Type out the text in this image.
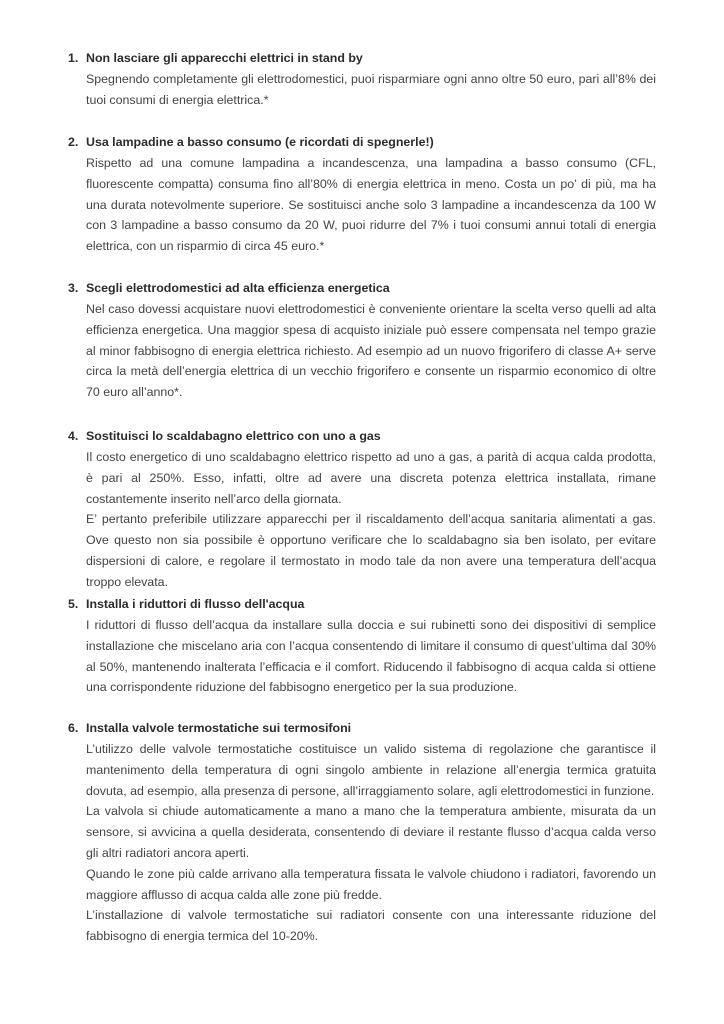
1. Non lasciare gli apparecchi elettrici in stand by

Spegnendo completamente gli elettrodomestici, puoi risparmiare ogni anno oltre 50 euro, pari all’8% dei tuoi consumi di energia elettrica.*

2. Usa lampadine a basso consumo (e ricordati di spegnerle!)

Rispetto ad una comune lampadina a incandescenza, una lampadina a basso consumo (CFL, fluorescente compatta) consuma fino all’80% di energia elettrica in meno. Costa un po’ di più, ma ha una durata notevolmente superiore. Se sostituisci anche solo 3 lampadine a incandescenza da 100 W con 3 lampadine a basso consumo da 20 W, puoi ridurre del 7% i tuoi consumi annui totali di energia elettrica, con un risparmio di circa 45 euro.*

3. Scegli elettrodomestici ad alta efficienza energetica

Nel caso dovessi acquistare nuovi elettrodomestici è conveniente orientare la scelta verso quelli ad alta efficienza energetica. Una maggior spesa di acquisto iniziale può essere compensata nel tempo grazie al minor fabbisogno di energia elettrica richiesto. Ad esempio ad un nuovo frigorifero di classe A+ serve circa la metà dell’energia elettrica di un vecchio frigorifero e consente un risparmio economico di oltre 70 euro all’anno*.

4. Sostituisci lo scaldabagno elettrico con uno a gas

Il costo energetico di uno scaldabagno elettrico rispetto ad uno a gas, a parità di acqua calda prodotta, è pari al 250%. Esso, infatti, oltre ad avere una discreta potenza elettrica installata, rimane costantemente inserito nell’arco della giornata.

E’ pertanto preferibile utilizzare apparecchi per il riscaldamento dell’acqua sanitaria alimentati a gas. Ove questo non sia possibile è opportuno verificare che lo scaldabagno sia ben isolato, per evitare dispersioni di calore, e regolare il termostato in modo tale da non avere una temperatura dell’acqua troppo elevata.

5. Installa i riduttori di flusso dell'acqua

I riduttori di flusso dell’acqua da installare sulla doccia e sui rubinetti sono dei dispositivi di semplice installazione che miscelano aria con l’acqua consentendo di limitare il consumo di quest’ultima dal 30% al 50%, mantenendo inalterata l’efficacia e il comfort. Riducendo il fabbisogno di acqua calda si ottiene una corrispondente riduzione del fabbisogno energetico per la sua produzione.

6. Installa valvole termostatiche sui termosifoni

L’utilizzo delle valvole termostatiche costituisce un valido sistema di regolazione che garantisce il mantenimento della temperatura di ogni singolo ambiente in relazione all’energia termica gratuita dovuta, ad esempio, alla presenza di persone, all’irraggiamento solare, agli elettrodomestici in funzione.

La valvola si chiude automaticamente a mano a mano che la temperatura ambiente, misurata da un sensore, si avvicina a quella desiderata, consentendo di deviare il restante flusso d’acqua calda verso gli altri radiatori ancora aperti.

Quando le zone più calde arrivano alla temperatura fissata le valvole chiudono i radiatori, favorendo un maggiore afflusso di acqua calda alle zone più fredde.

L’installazione di valvole termostatiche sui radiatori consente con una interessante riduzione del fabbisogno di energia termica del 10-20%.
